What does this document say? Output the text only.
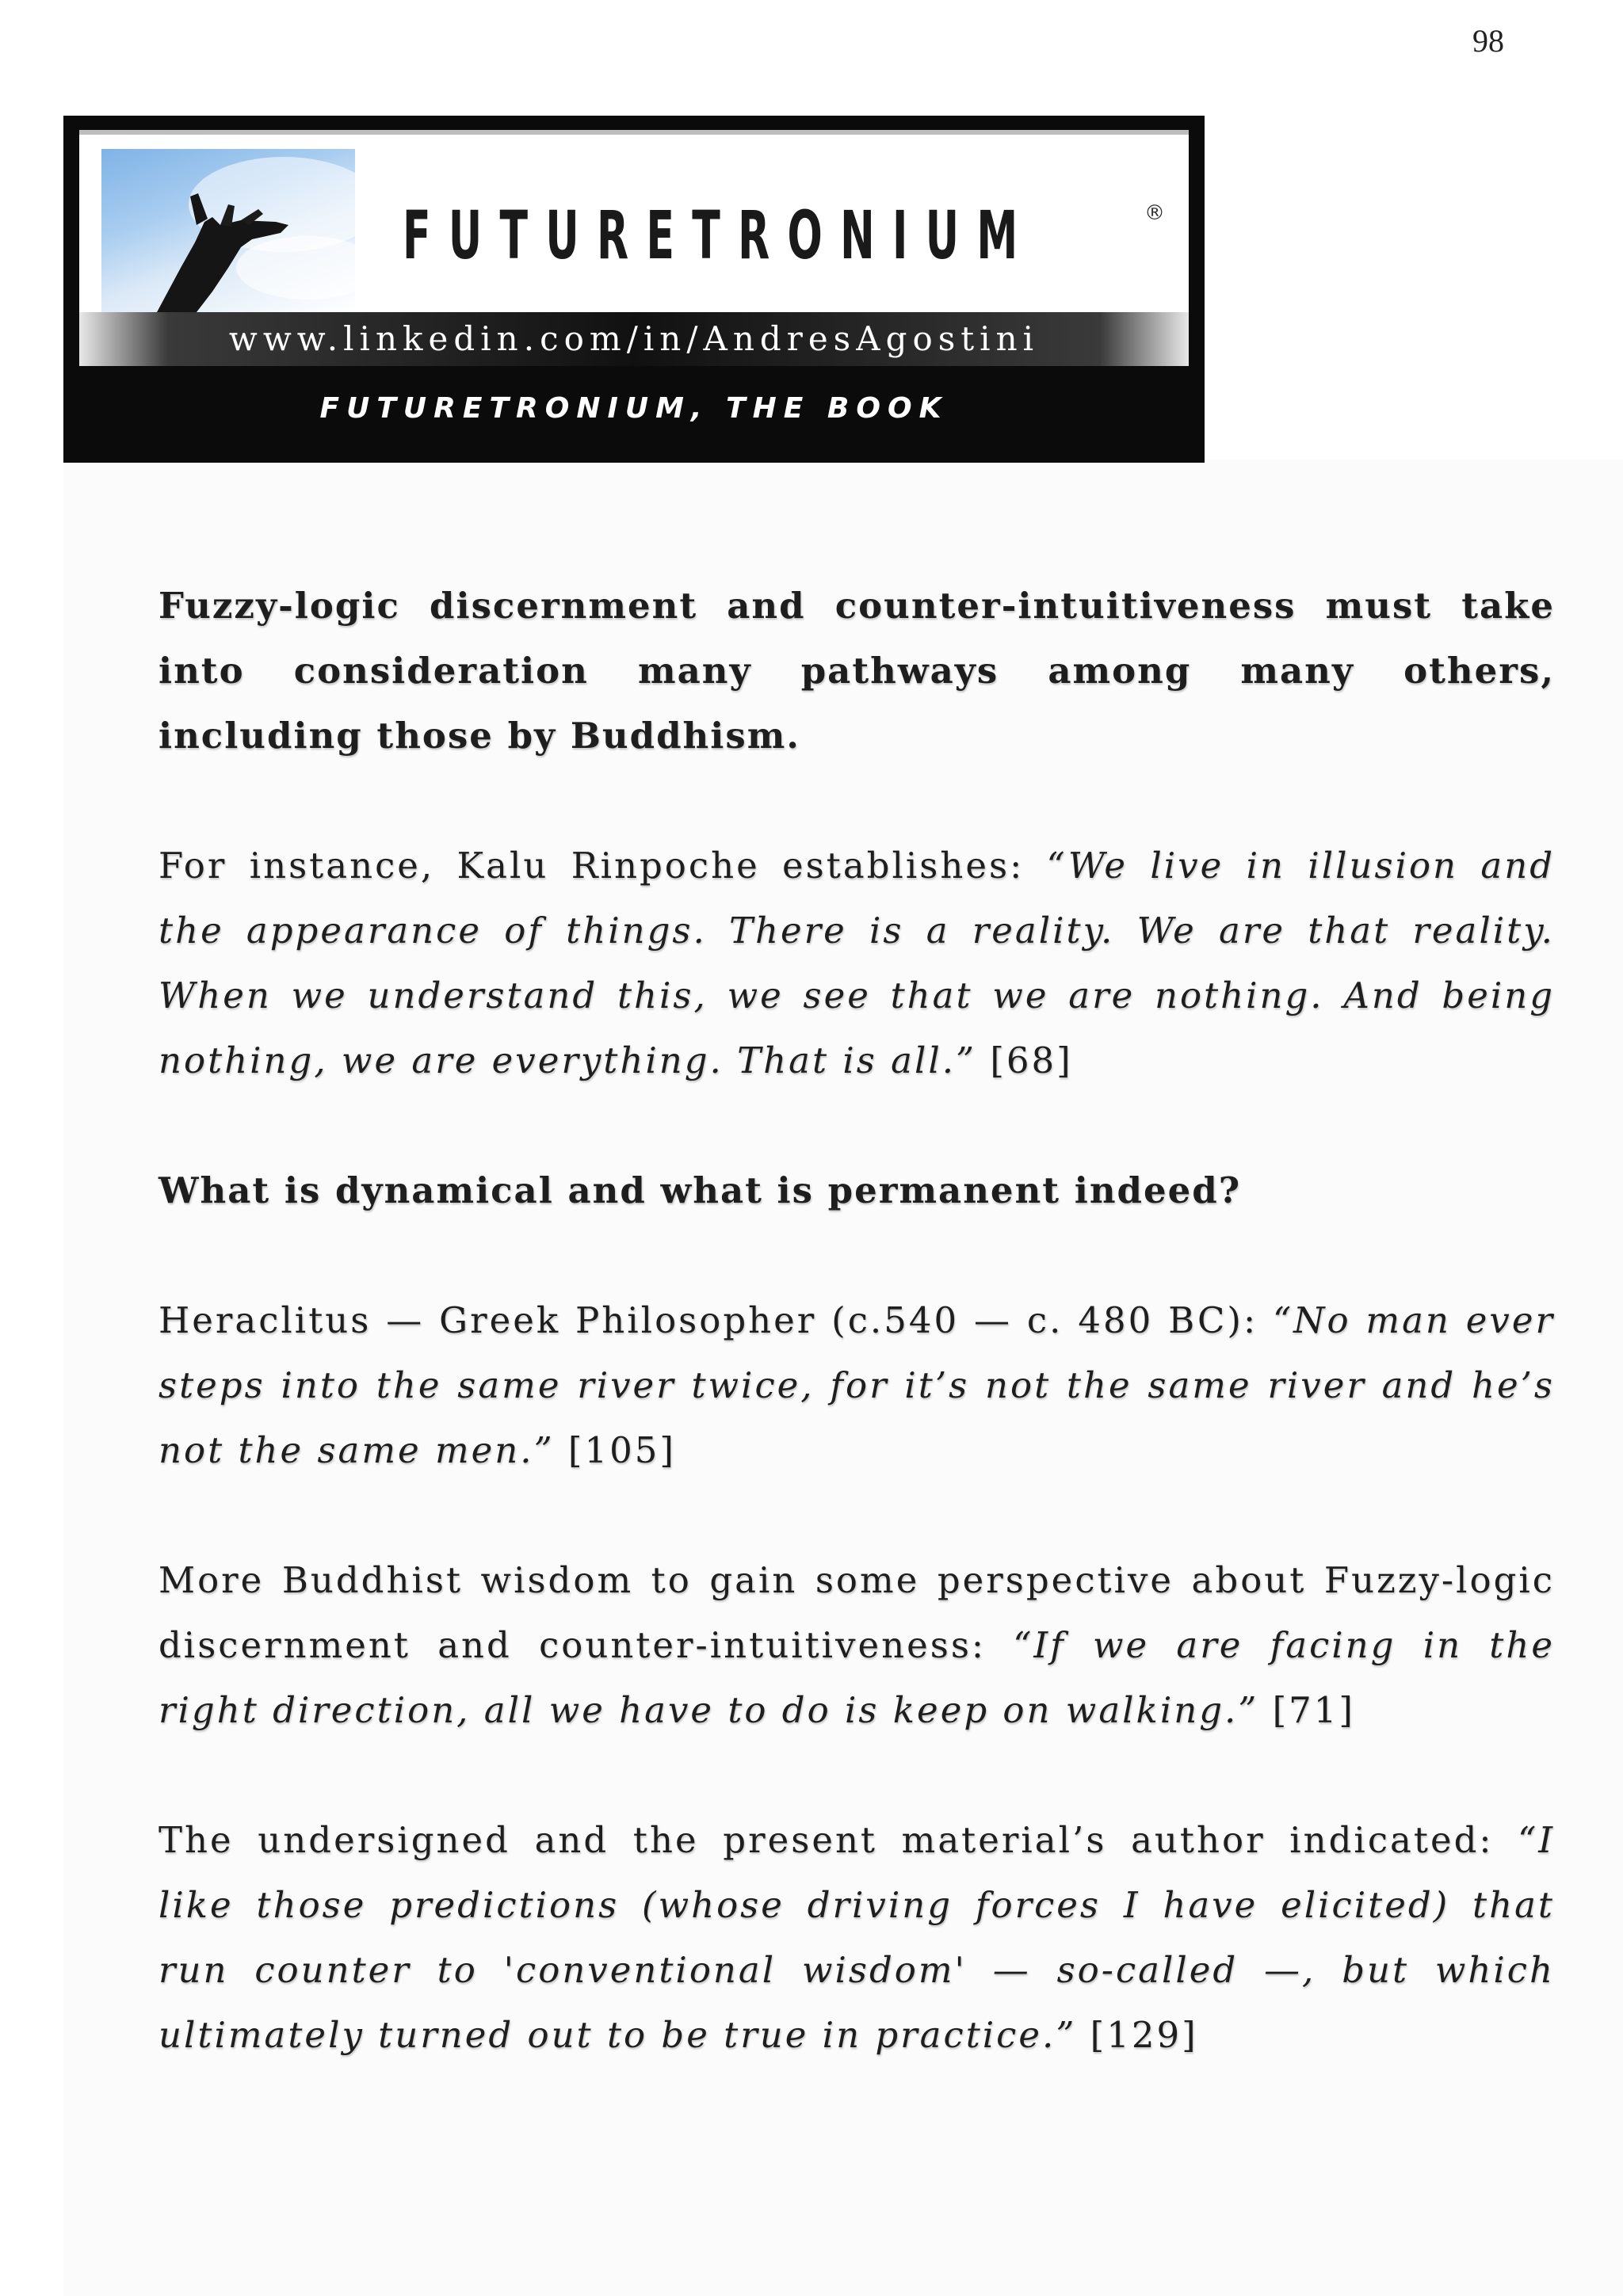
98
FUTURETRONIUM	®
www.linkedin.com/in/AndresAgostini
FUTURETRONIUM, THE BOOK

Fuzzy-logic discernment and counter-intuitiveness must take into consideration many pathways among many others, including those by Buddhism.

For instance, Kalu Rinpoche establishes: “We live in illusion and the appearance of things. There is a reality. We are that reality. When we understand this, we see that we are nothing. And being nothing, we are everything. That is all.” [68]

What is dynamical and what is permanent indeed?

Heraclitus — Greek Philosopher (c.540 — c. 480 BC): “No man ever steps into the same river twice, for it’s not the same river and he’s not the same men.” [105]

More Buddhist wisdom to gain some perspective about Fuzzy-logic discernment and counter-intuitiveness: “If we are facing in the right direction, all we have to do is keep on walking.” [71]

The undersigned and the present material’s author indicated: “I like those predictions (whose driving forces I have elicited) that run counter to 'conventional wisdom' — so-called —, but which ultimately turned out to be true in practice.” [129]
